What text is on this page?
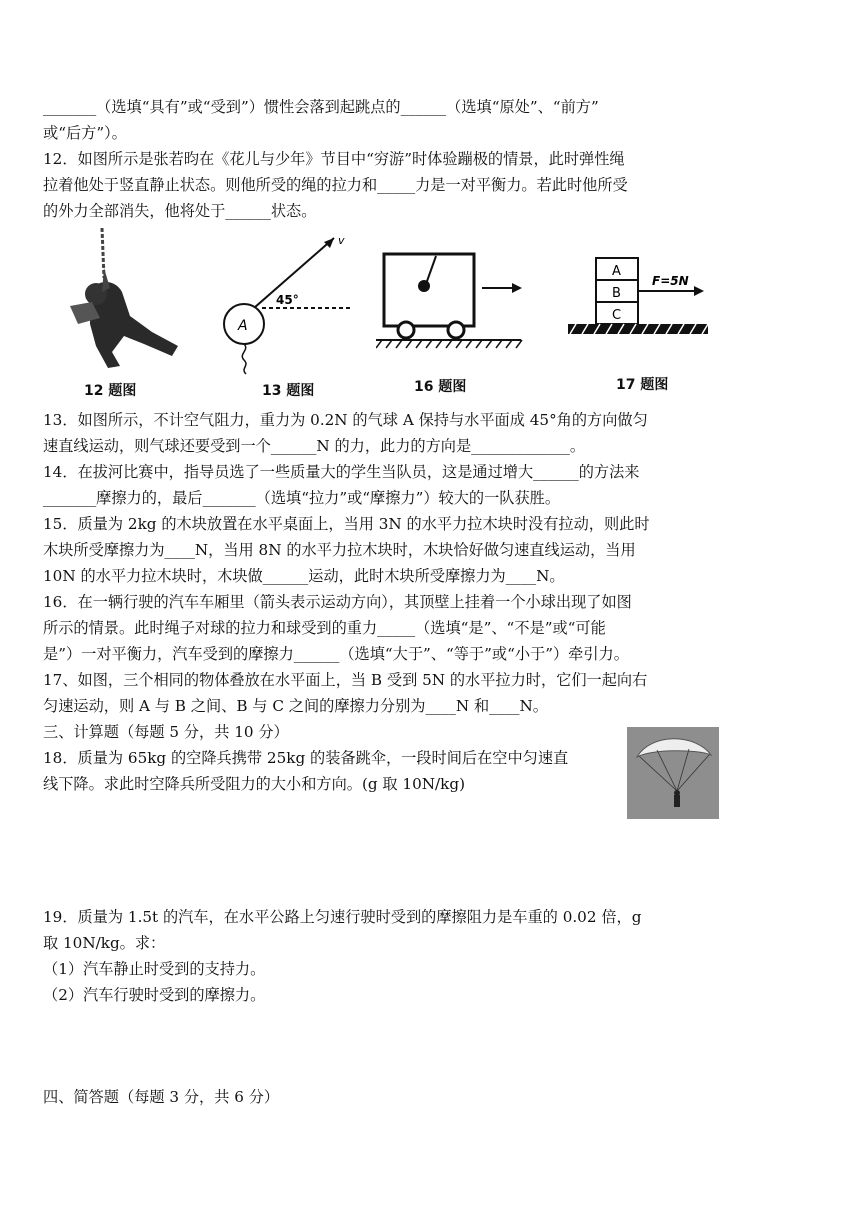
_______（选填“具有”或“受到”）惯性会落到起跳点的______（选填“原处”、“前方”
或“后方”）。
12．如图所示是张若昀在《花儿与少年》节目中“穷游”时体验蹦极的情景，此时弹性绳
拉着他处于竖直静止状态。则他所受的绳的拉力和_____力是一对平衡力。若此时他所受
的外力全部消失，他将处于______状态。
12 题图
v
45°
A
13 题图	16 题图
A
B
C
F=5N
17 题图
13．如图所示，不计空气阻力，重力为 0.2N 的气球 A 保持与水平面成 45°角的方向做匀
速直线运动，则气球还要受到一个______N 的力，此力的方向是_____________。
14．在拔河比赛中，指导员选了一些质量大的学生当队员，这是通过增大______的方法来
_______摩擦力的，最后_______（选填“拉力”或“摩擦力”）较大的一队获胜。
15．质量为 2kg 的木块放置在水平桌面上，当用 3N 的水平力拉木块时没有拉动，则此时
木块所受摩擦力为____N，当用 8N 的水平力拉木块时，木块恰好做匀速直线运动，当用
10N 的水平力拉木块时，木块做______运动，此时木块所受摩擦力为____N。
16．在一辆行驶的汽车车厢里（箭头表示运动方向），其顶壁上挂着一个小球出现了如图
所示的情景。此时绳子对球的拉力和球受到的重力_____（选填“是”、“不是”或“可能
是”）一对平衡力，汽车受到的摩擦力______（选填“大于”、“等于”或“小于”）牵引力。
17、如图，三个相同的物体叠放在水平面上，当 B 受到 5N 的水平拉力时，它们一起向右
匀速运动，则 A 与 B 之间、B 与 C 之间的摩擦力分别为____N 和____N。
三、计算题（每题 5 分，共 10 分）
18．质量为 65kg 的空降兵携带 25kg 的装备跳伞，一段时间后在空中匀速直
线下降。求此时空降兵所受阻力的大小和方向。(g 取 10N/kg)
19．质量为 1.5t 的汽车，在水平公路上匀速行驶时受到的摩擦阻力是车重的 0.02 倍，g
取 10N/kg。求：
（1）汽车静止时受到的支持力。
（2）汽车行驶时受到的摩擦力。
四、简答题（每题 3 分，共 6 分）
